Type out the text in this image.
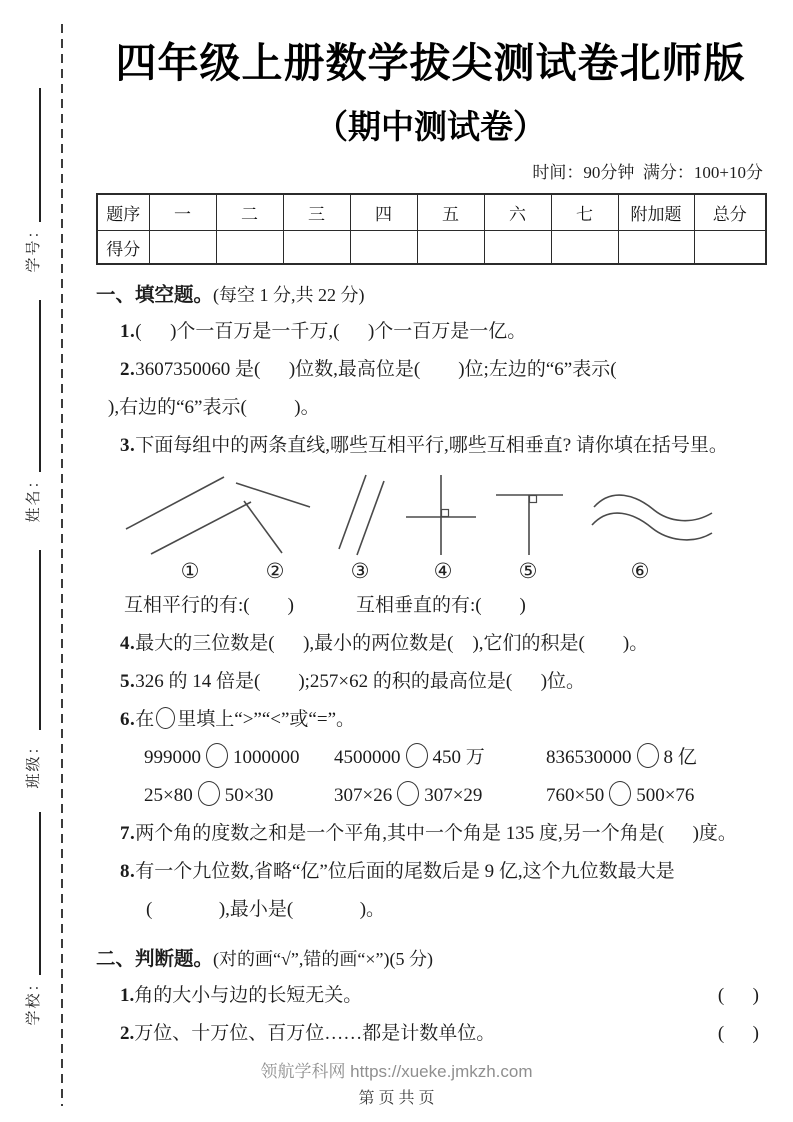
学号：
姓名：
班级：
学校：
四年级上册数学拔尖测试卷北师版
（期中测试卷）
时间：90分钟  满分：100+10分
题序	一	二	三	四	五	六	七	附加题	总分
得分									
一、填空题。(每空 1 分,共 22 分)
1.(      )个一百万是一千万,(      )个一百万是一亿。
2.3607350060 是(      )位数,最高位是(        )位;左边的“6”表示(
),右边的“6”表示(          )。
3.下面每组中的两条直线,哪些互相平行,哪些互相垂直? 请你填在括号里。
①	②	③	④	⑤	⑥
互相平行的有:(        )	互相垂直的有:(        )
4.最大的三位数是(      ),最小的两位数是(    ),它们的积是(        )。
5.326 的 14 倍是(        );257×62 的积的最高位是(      )位。
6.在 里填上“>”“<”或“=”。
999000 1000000	4500000 450 万	836530000 8 亿
25×80 50×30	307×26 307×29	760×50 500×76
7.两个角的度数之和是一个平角,其中一个角是 135 度,另一个角是(      )度。
8.有一个九位数,省略“亿”位后面的尾数后是 9 亿,这个九位数最大是
(              ),最小是(              )。
二、判断题。(对的画“√”,错的画“×”)(5 分)
1.角的大小与边的长短无关。	(      )
2.万位、十万位、百万位……都是计数单位。	(      )
领航学科网 https://xueke.jmkzh.com
第 页 共 页
